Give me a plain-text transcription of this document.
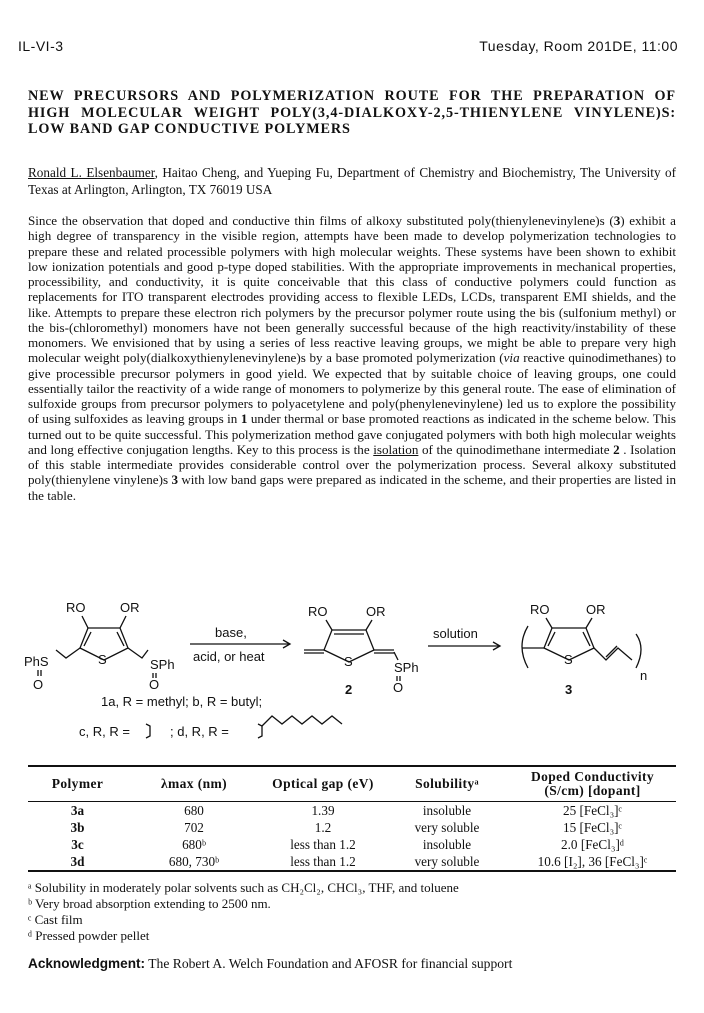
IL-VI-3	Tuesday, Room 201DE, 11:00
NEW PRECURSORS AND POLYMERIZATION ROUTE FOR THE PREPARATION OF HIGH MOLECULAR WEIGHT POLY(3,4-DIALKOXY-2,5-THIENYLENE VINYLENE)S: LOW BAND GAP CONDUCTIVE POLYMERS
Ronald L. Elsenbaumer, Haitao Cheng, and Yueping Fu, Department of Chemistry and Biochemistry, The University of Texas at Arlington, Arlington, TX 76019 USA

Since the observation that doped and conductive thin films of alkoxy substituted poly(thienylenevinylene)s (3) exhibit a high degree of transparency in the visible region, attempts have been made to develop polymerization technologies to prepare these and related processible polymers with high molecular weights. These systems have been shown to exhibit low ionization potentials and good p-type doped stabilities. With the appropriate improvements in mechanical properties, processibility, and conductivity, it is quite conceivable that this class of conductive polymers could function as replacements for ITO transparent electrodes providing access to flexible LEDs, LCDs, transparent EMI shields, and the like. Attempts to prepare these electron rich polymers by the precursor polymer route using the bis (sulfonium methyl) or the bis-(chloromethyl) monomers have not been generally successful because of the high reactivity/instability of these monomers. We envisioned that by using a series of less reactive leaving groups, we might be able to prepare very high molecular weight poly(dialkoxythienylenevinylene)s by a base promoted polymerization (via reactive quinodimethanes) to give processible precursor polymers in good yield. We expected that by suitable choice of leaving groups, one could essentially tailor the reactivity of a wide range of monomers to polymerize by this general route. The ease of elimination of sulfoxide groups from precursor polymers to polyacetylene and poly(phenylenevinylene) led us to explore the possibility of using sulfoxides as leaving groups in 1 under thermal or base promoted reactions as indicated in the scheme below. This turned out to be quite successful. This polymerization method gave conjugated polymers with both high molecular weights and long effective conjugation lengths. Key to this process is the isolation of the quinodimethane intermediate 2 . Isolation of this stable intermediate provides considerable control over the polymerization process. Several alkoxy substituted poly(thienylene vinylene)s 3 with low band gaps were prepared as indicated in the scheme, and their properties are listed in the table.

RO	OR
S
PhS	SPh
O	O
base,
acid, or heat
RO	OR
S	SPh
O
solution
RO	OR
S
n
1a, R = methyl; b, R = butyl;
2	3
c, R, R =	; d, R, R =
Polymer	λmax (nm)	Optical gap (eV)	Solubilityᵃ	Doped Conductivity (S/cm) [dopant]
3a	680	1.39	insoluble	25 [FeCl₃]ᶜ
3b	702	1.2	very soluble	15 [FeCl₃]ᶜ
3c	680ᵇ	less than 1.2	insoluble	2.0 [FeCl₃]ᵈ
3d	680, 730ᵇ	less than 1.2	very soluble	10.6 [I₂], 36 [FeCl₃]ᶜ
ᵃ Solubility in moderately polar solvents such as CH₂Cl₂, CHCl₃, THF, and toluene
ᵇ Very broad absorption extending to 2500 nm.
ᶜ Cast film
ᵈ Pressed powder pellet
Acknowledgment: The Robert A. Welch Foundation and AFOSR for financial support
